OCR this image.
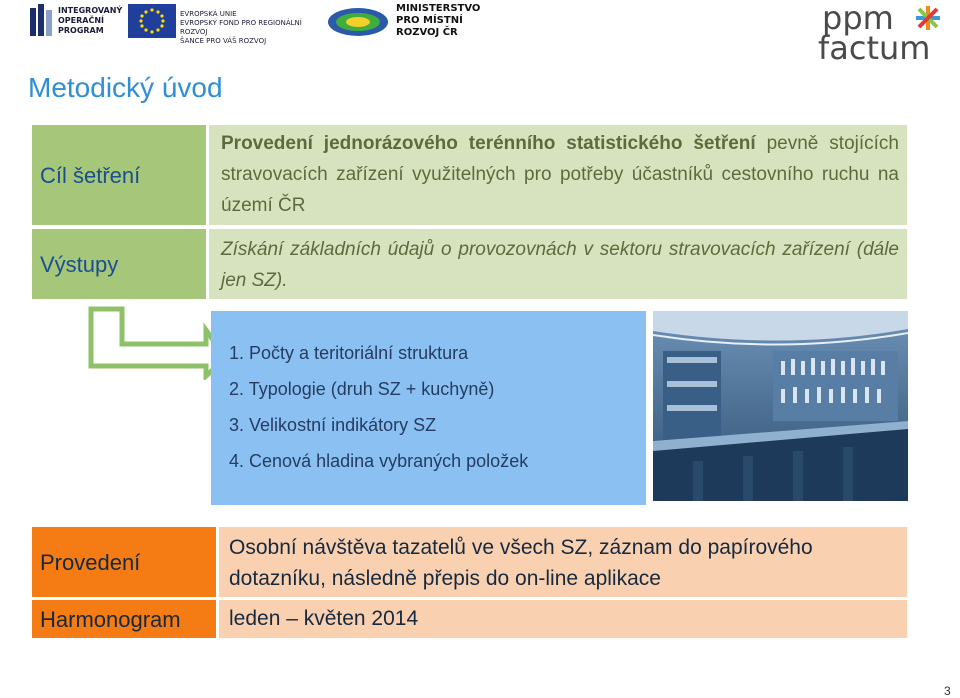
INTEGROVANÝ
OPERAČNÍ
PROGRAM
EVROPSKÁ UNIE
EVROPSKÝ FOND PRO REGIONÁLNÍ ROZVOJ
ŠANCE PRO VÁŠ ROZVOJ
MINISTERSTVO
PRO MÍSTNÍ
ROZVOJ ČR	ppm
factum
Metodický úvod
Cíl šetření
Provedení jednorázového terénního statistického šetření pevně stojících stravovacích zařízení využitelných pro potřeby účastníků cestovního ruchu na území ČR
Výstupy
Získání základních údajů o provozovnách v sektoru stravovacích zařízení (dále jen SZ).
1. Počty a teritoriální struktura
2. Typologie (druh SZ + kuchyně)
3. Velikostní indikátory SZ
4. Cenová hladina vybraných položek
Provedení
Osobní návštěva tazatelů ve všech SZ, záznam do papírového dotazníku, následně přepis do on-line aplikace
Harmonogram leden – květen 2014
3
